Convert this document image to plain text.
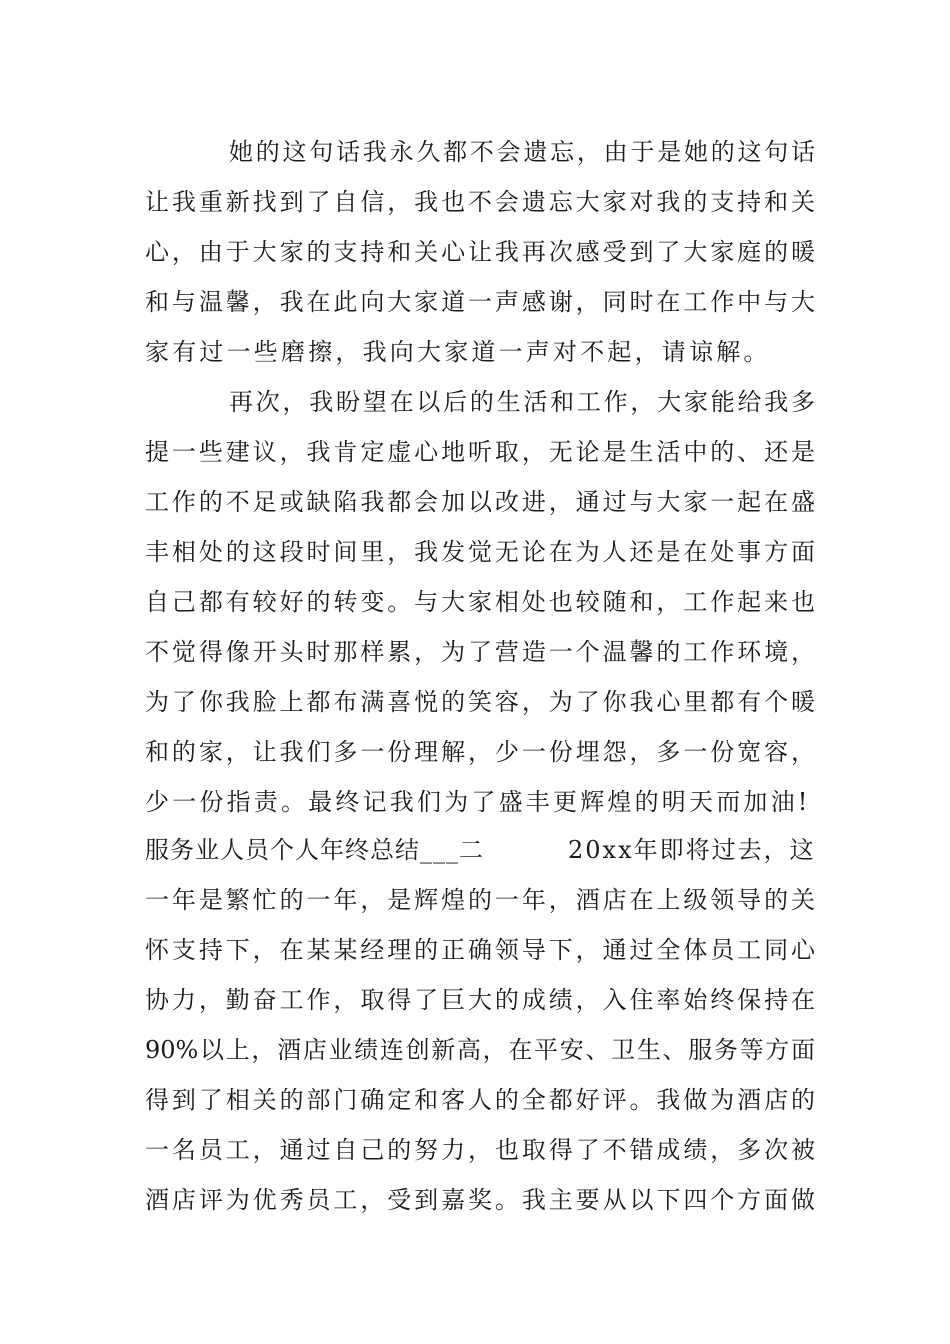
她的这句话我永久都不会遗忘，由于是她的这句话
让我重新找到了自信，我也不会遗忘大家对我的支持和关
心，由于大家的支持和关心让我再次感受到了大家庭的暖
和与温馨，我在此向大家道一声感谢，同时在工作中与大
家有过一些磨擦，我向大家道一声对不起，请谅解。
再次，我盼望在以后的生活和工作，大家能给我多
提一些建议，我肯定虚心地听取，无论是生活中的、还是
工作的不足或缺陷我都会加以改进，通过与大家一起在盛
丰相处的这段时间里，我发觉无论在为人还是在处事方面
自己都有较好的转变。与大家相处也较随和，工作起来也
不觉得像开头时那样累，为了营造一个温馨的工作环境，
为了你我脸上都布满喜悦的笑容，为了你我心里都有个暖
和的家，让我们多一份理解，少一份埋怨，多一份宽容，
少一份指责。最终记我们为了盛丰更辉煌的明天而加油!
服务业人员个人年终总结___二	20xx年即将过去，这
一年是繁忙的一年，是辉煌的一年，酒店在上级领导的关
怀支持下，在某某经理的正确领导下，通过全体员工同心
协力，勤奋工作，取得了巨大的成绩，入住率始终保持在
90%以上，酒店业绩连创新高，在平安、卫生、服务等方面
得到了相关的部门确定和客人的全都好评。我做为酒店的
一名员工，通过自己的努力，也取得了不错成绩，多次被
酒店评为优秀员工，受到嘉奖。我主要从以下四个方面做
